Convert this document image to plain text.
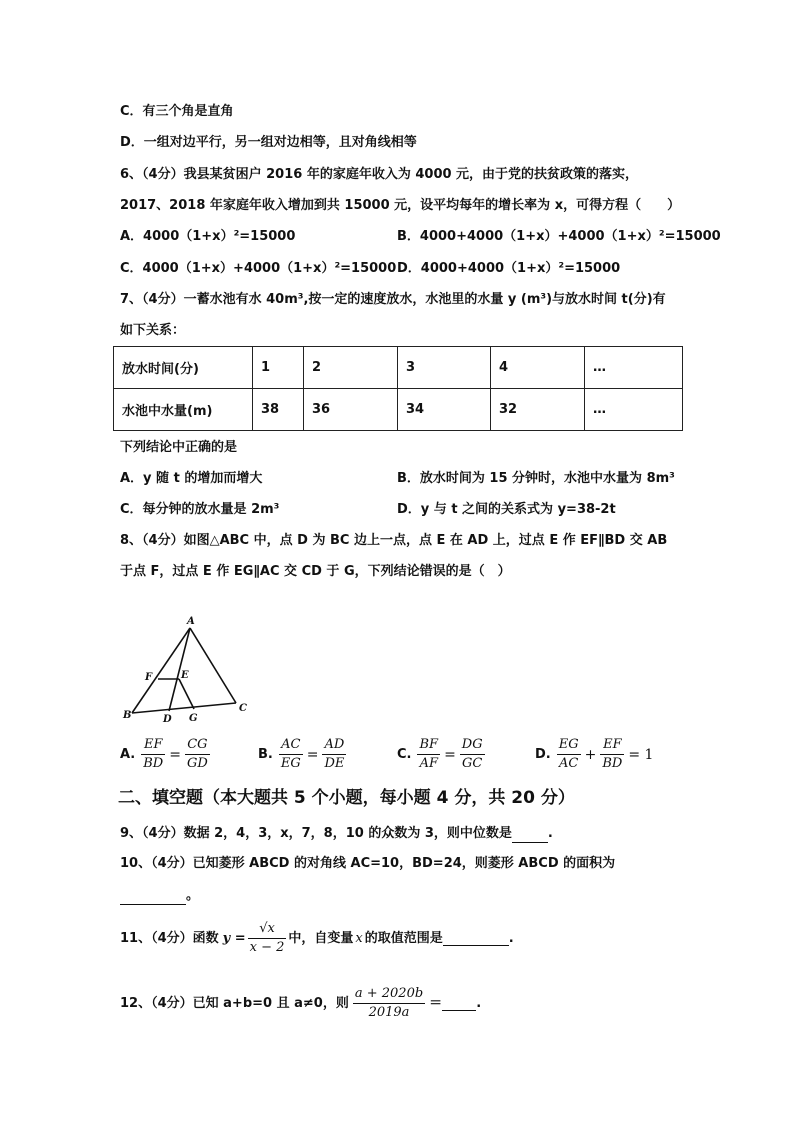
C．有三个角是直角
D．一组对边平行，另一组对边相等，且对角线相等
6、（4分）我县某贫困户 2016 年的家庭年收入为 4000 元，由于党的扶贫政策的落实，
2017、2018 年家庭年收入增加到共 15000 元，设平均每年的增长率为 x，可得方程（　　）
A．4000（1+x）²=15000	B．4000+4000（1+x）+4000（1+x）²=15000
C．4000（1+x）+4000（1+x）²=15000 D．4000+4000（1+x）²=15000
7、（4分）一蓄水池有水 40m³,按一定的速度放水，水池里的水量 y (m³)与放水时间 t(分)有
如下关系：
放水时间(分)	1	2	3	4	…
水池中水量(m)	38	36	34	32	…
下列结论中正确的是
A．y 随 t 的增加而增大	B．放水时间为 15 分钟时，水池中水量为 8m³
C．每分钟的放水量是 2m³	D．y 与 t 之间的关系式为 y=38-2t
8、（4分）如图△ABC 中，点 D 为 BC 边上一点，点 E 在 AD 上，过点 E 作 EF∥BD 交 AB
于点 F，过点 E 作 EG∥AC 交 CD 于 G，下列结论错误的是（　）
A
B
C
D
E
F
G
A. $\frac{EF}{BD} = \frac{CG}{GD}$	B. $\frac{AC}{EG} = \frac{AD}{DE}$	C. $\frac{BF}{AF} = \frac{DG}{GC}$	D. $\frac{EG}{AC} + \frac{EF}{BD} = 1$
二、填空题（本大题共 5 个小题，每小题 4 分，共 20 分）
9、（4分）数据 2，4，3，x，7，8，10 的众数为 3，则中位数是	.
10、（4分）已知菱形 ABCD 的对角线 AC=10，BD=24，则菱形 ABCD 的面积为
。
11、（4分）函数 $y = \frac{√x}{x - 2}$ 中，自变量 x 的取值范围是	.
12、（4分）已知 a+b=0 且 a≠0，则 $\frac{a + 2020b}{2019a}$ ＝	.
